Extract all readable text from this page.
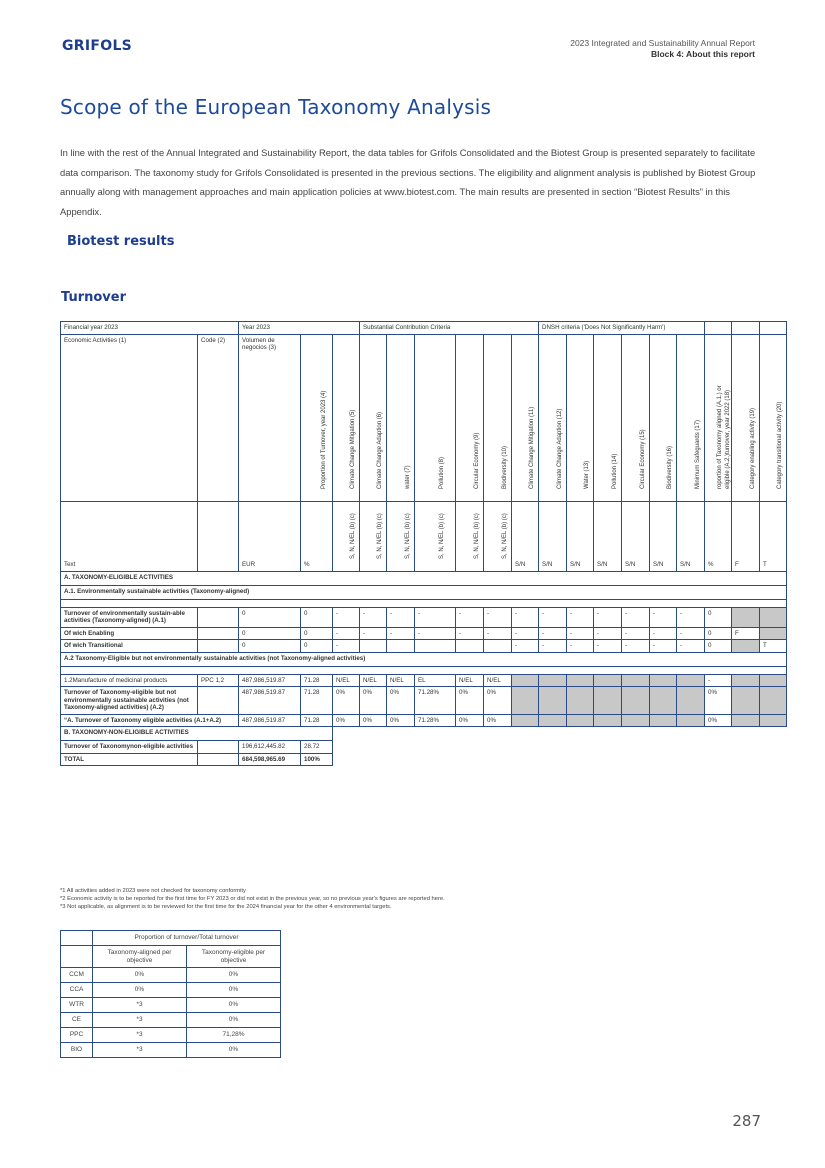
GRIFOLS	2023 Integrated and Sustainability Annual Report
Block 4: About this report
Scope of the European Taxonomy Analysis

In line with the rest of the Annual Integrated and Sustainability Report, the data tables for Grifols Consolidated and the Biotest Group is presented separately to facilitate data comparison. The taxonomy study for Grifols Consolidated is presented in the previous sections. The eligibility and alignment analysis is published by Biotest Group annually along with management approaches and main application policies at www.biotest.com. The main results are presented in section “Biotest Results” in this Appendix.

Biotest results
Turnover
Financial year 2023		Year 2023			Substantial Contribution Criteria						DNSH criteria ('Does Not Significantly Harm')								
Economic Activities (1)	Code (2)	Volumen de negocios (3)	Proportion of Turnover, year 2023 (4)	Climate Change Mitigation (5)	Climate Change Adaption (6)	water (7)	Pollution (8)	Circular Economy (9)	Biodiversity (10)	Climate Change Mitigation (11)	Climate Change Adaption (12)	Water (13)	Pollution (14)	Circular Economy (15)	Biodiversity (16)	Minimum Safeguards (17)	roportion of Taxonomy aligned (A.1.) or eligible (A.2.)turnover, year 2022 (18)	Category enabling activity (19)	Category transitional activity (20)

Text		EUR	%	S, N, N/EL (b) (c)	S, N, N/EL (b) (c)	S, N, N/EL (b) (c)	S, N, N/EL (b) (c)	S, N, N/EL (b) (c)	S, N, N/EL (b) (c)	S/N	S/N	S/N	S/N	S/N	S/N	S/N	%	F	T
A. TAXONOMY-ELIGIBLE ACTIVITIES																			
A.1. Environmentally sustainable activities (Taxonomy-aligned)																			

Turnover of environmentally sustain-able activities (Taxonomy-aligned) (A.1)		0	0	-	-	-	-	-	-	-	-	-	-	-	-	-	0		
Of wich Enabling		0	0	-	-	-	-	-	-	-	-	-	-	-	-	-	0	F	
Of wich Transitional		0	0	-						-	-	-	-	-	-	-	0		T
A.2 Taxonomy-Eligible but not environmentally sustainable activities (not Taxonomy-aligned activities)																			

1.2Manufacture of medicinal products	PPC 1,2	487,986,519.87	71.28	N/EL	N/EL	N/EL	EL	N/EL	N/EL								-		
Turnover of Taxonomy-eligible but not environmentally sustainable activities (not Taxonomy-aligned activities) (A.2)		487,986,519.87	71.28	0%	0%	0%	71.28%	0%	0%								0%		
“A. Turnover of Taxonomy eligible activities (A.1+A.2)		487,986,519.87	71.28	0%	0%	0%	71.28%	0%	0%								0%		
B. TAXONOMY-NON-ELIGIBLE ACTIVITIES																			
Turnover of Taxonomynon-eligible activities		196,612,445.82	28.72																
TOTAL		684,598,965.69	100%																
*1 All activities added in 2023 were not checked for taxonomy conformity
*2 Economic activity is to be reported for the first time for FY 2023 or did not exist in the previous year, so no previous year's figures are reported here.
*3 Not applicable, as alignment is to be reviewed for the first time for the 2024 financial year for the other 4 environmental targets.
	Proportion of turnover/Total turnover	
	Taxonomy-aligned per objective	Taxonomy-eligible per objective
CCM	0%	0%
CCA	0%	0%
WTR	*3	0%
CE	*3	0%
PPC	*3	71,28%
BIO	*3	0%
287
